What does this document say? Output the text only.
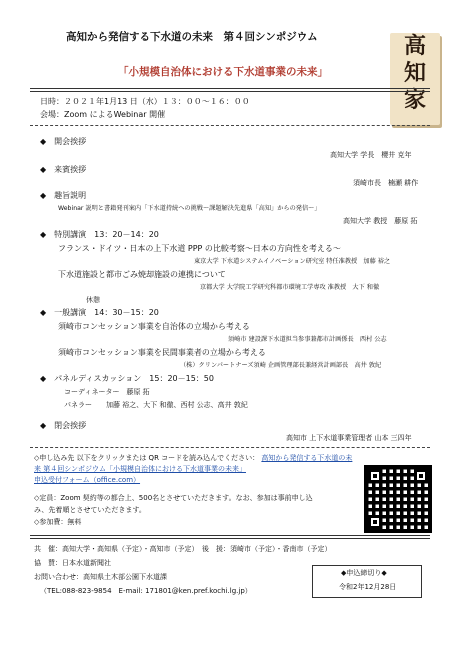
高知から発信する下水道の未来　第４回シンポジウム
「小規模自治体における下水道事業の未来」
高
知
家
日時：２０２１年1月13 日（水）１３：００～１６：００
会場：Zoom によるWebinar 開催
◆　開会挨拶
高知大学 学長　櫻井 克年
◆　来賓挨拶
須崎市長　楠瀬 耕作
◆　趣旨説明
Webinar 説明と書籍発刊案内「下水道持続への挑戦～課題解決先進県「高知」からの発信～」
高知大学 教授　藤原 拓
◆　特別講演　13：20－14：20
フランス・ドイツ・日本の上下水道 PPP の比較考察～日本の方向性を考える～
東京大学 下水道システムイノベーション研究室 特任准教授　加藤 裕之
下水道施設と都市ごみ焼却施設の連携について
京都大学 大学院工学研究科都市環境工学専攻 准教授　大下 和徹
休憩
◆　一般講演　14：30－15：20
須崎市コンセッション事業を自治体の立場から考える
須崎市 建設課下水道担当参事兼都市計画係長　西村 公志
須崎市コンセッション事業を民間事業者の立場から考える
（株）クリンパートナーズ須崎 企画管理部長兼経営計画部長　高井 敦紀
◆　パネルディスカッション　15：20－15：50
コーディネーター　藤原 拓
パネラー　　加藤 裕之、大下 和徹、西村 公志、高井 敦紀
◆　閉会挨拶
高知市 上下水道事業管理者 山本 三四年
◇申し込み先 以下をクリックまたは QR コードを読み込んでください： 高知から発信する下水道の未来 第４回シンポジウム「小規模自治体における下水道事業の未来」 申込受付フォーム（office.com）
◇定員：Zoom 契約等の都合上、500名とさせていただきます。なお、参加は事前申し込
み、先着順とさせていただきます。
◇参加費：無料
共　催：高知大学・高知県（予定）・高知市（予定）　後　援：須崎市（予定）・香南市（予定）
協　賛：日本水道新聞社
お問い合わせ：高知県土木部公園下水道課
（TEL:088-823-9854　E-mail: 171801@ken.pref.kochi.lg.jp）
◆申込締切り◆
令和2年12月28日
